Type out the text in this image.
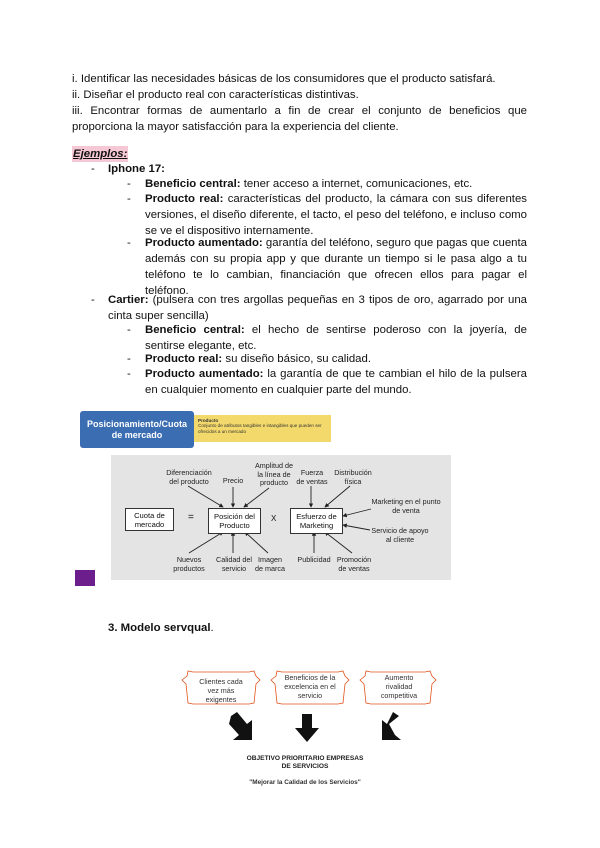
i. Identificar las necesidades básicas de los consumidores que el producto satisfará.
ii. Diseñar el producto real con características distintivas.
iii. Encontrar formas de aumentarlo a fin de crear el conjunto de beneficios que proporciona la mayor satisfacción para la experiencia del cliente.
Ejemplos:
- Iphone 17:
- Beneficio central: tener acceso a internet, comunicaciones, etc.
- Producto real: características del producto, la cámara con sus diferentes versiones, el diseño diferente, el tacto, el peso del teléfono, e incluso como se ve el dispositivo internamente.
- Producto aumentado: garantía del teléfono, seguro que pagas que cuenta además con su propia app y que durante un tiempo si le pasa algo a tu teléfono te lo cambian, financiación que ofrecen ellos para pagar el teléfono.
- Cartier: (pulsera con tres argollas pequeñas en 3 tipos de oro, agarrado por una cinta super sencilla)
- Beneficio central: el hecho de sentirse poderoso con la joyería, de sentirse elegante, etc.
- Producto real: su diseño básico, su calidad.
- Producto aumentado: la garantía de que te cambian el hilo de la pulsera en cualquier momento en cualquier parte del mundo.
Posicionamiento/Cuota de mercado
Producto
Conjunto de atributos tangibles e intangibles que pueden ser ofrecidos a un mercado
Cuota de mercado
=	Posición del Producto
X	Esfuerzo de Marketing
Diferenciación del producto	Precio
Amplitud de la línea de producto
Fuerza de ventas
Distribución física
Nuevos productos
Calidad del servicio
Imagen de marca
Publicidad Promoción de ventas
Marketing en el punto de venta
Servicio de apoyo al cliente
3. Modelo servqual.
Clientes cada vez más exigentes
Beneficios de la excelencia en el servicio
Aumento rivalidad competitiva
OBJETIVO PRIORITARIO EMPRESAS DE SERVICIOS
"Mejorar la Calidad de los Servicios"
